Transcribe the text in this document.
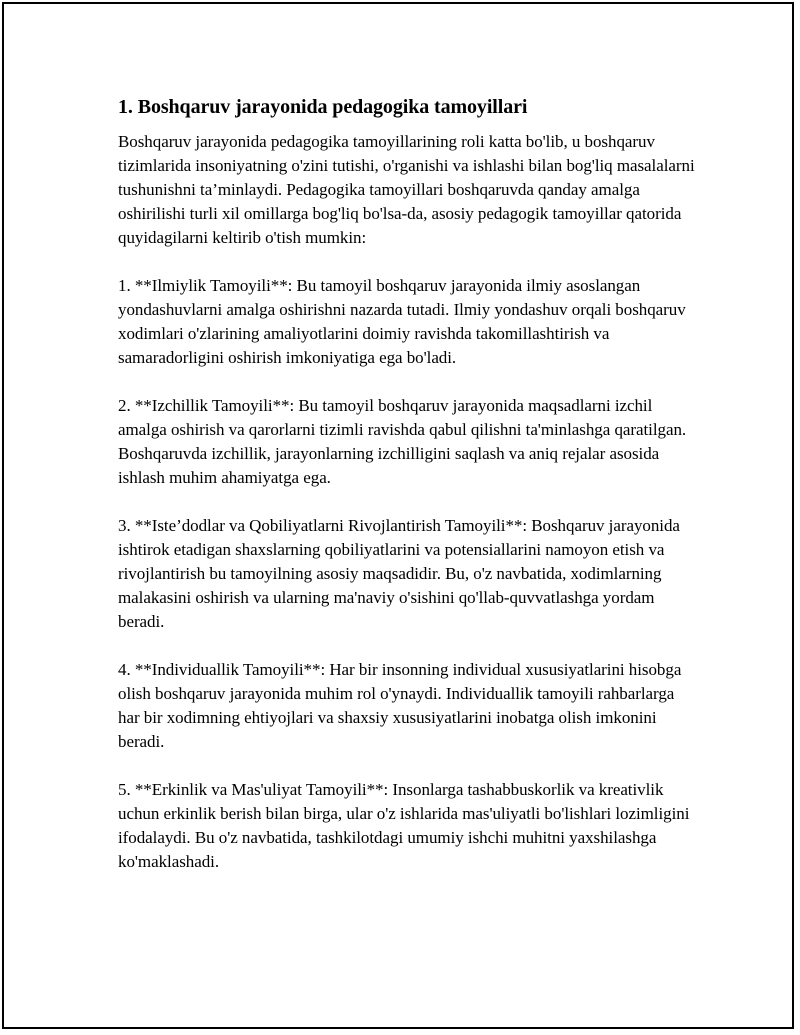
1. Boshqaruv jarayonida pedagogika tamoyillari

Boshqaruv jarayonida pedagogika tamoyillarining roli katta bo'lib, u boshqaruv tizimlarida insoniyatning o'zini tutishi, o'rganishi va ishlashi bilan bog'liq masalalarni tushunishni ta’minlaydi. Pedagogika tamoyillari boshqaruvda qanday amalga oshirilishi turli xil omillarga bog'liq bo'lsa-da, asosiy pedagogik tamoyillar qatorida quyidagilarni keltirib o'tish mumkin:

1. **Ilmiylik Tamoyili**: Bu tamoyil boshqaruv jarayonida ilmiy asoslangan yondashuvlarni amalga oshirishni nazarda tutadi. Ilmiy yondashuv orqali boshqaruv xodimlari o'zlarining amaliyotlarini doimiy ravishda takomillashtirish va samaradorligini oshirish imkoniyatiga ega bo'ladi.

2. **Izchillik Tamoyili**: Bu tamoyil boshqaruv jarayonida maqsadlarni izchil amalga oshirish va qarorlarni tizimli ravishda qabul qilishni ta'minlashga qaratilgan. Boshqaruvda izchillik, jarayonlarning izchilligini saqlash va aniq rejalar asosida ishlash muhim ahamiyatga ega.

3. **Iste’dodlar va Qobiliyatlarni Rivojlantirish Tamoyili**: Boshqaruv jarayonida ishtirok etadigan shaxslarning qobiliyatlarini va potensiallarini namoyon etish va rivojlantirish bu tamoyilning asosiy maqsadidir. Bu, o'z navbatida, xodimlarning malakasini oshirish va ularning ma'naviy o'sishini qo'llab-quvvatlashga yordam beradi.

4. **Individuallik Tamoyili**: Har bir insonning individual xususiyatlarini hisobga olish boshqaruv jarayonida muhim rol o'ynaydi. Individuallik tamoyili rahbarlarga har bir xodimning ehtiyojlari va shaxsiy xususiyatlarini inobatga olish imkonini beradi.

5. **Erkinlik va Mas'uliyat Tamoyili**: Insonlarga tashabbuskorlik va kreativlik uchun erkinlik berish bilan birga, ular o'z ishlarida mas'uliyatli bo'lishlari lozimligini ifodalaydi. Bu o'z navbatida, tashkilotdagi umumiy ishchi muhitni yaxshilashga ko'maklashadi.
